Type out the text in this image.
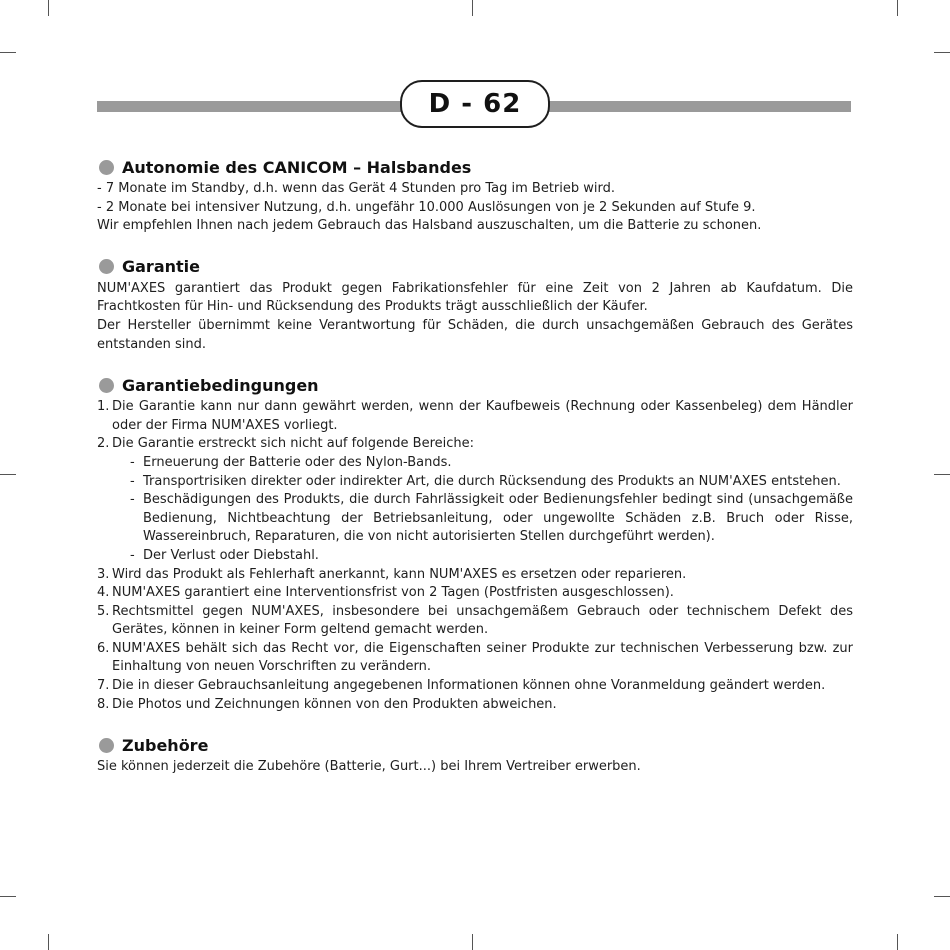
D - 62
Autonomie des CANICOM – Halsbandes

- 7 Monate im Standby, d.h. wenn das Gerät 4 Stunden pro Tag im Betrieb wird.

- 2 Monate bei intensiver Nutzung, d.h. ungefähr 10.000 Auslösungen von je 2 Sekunden auf Stufe 9.

Wir empfehlen Ihnen nach jedem Gebrauch das Halsband auszuschalten, um die Batterie zu schonen.

Garantie

NUM'AXES garantiert das Produkt gegen Fabrikationsfehler für eine Zeit von 2 Jahren ab Kaufdatum. Die Frachtkosten für Hin- und Rücksendung des Produkts trägt ausschließlich der Käufer.

Der Hersteller übernimmt keine Verantwortung für Schäden, die durch unsachgemäßen Gebrauch des Gerätes entstanden sind.

Garantiebedingungen
1. Die Garantie kann nur dann gewährt werden, wenn der Kaufbeweis (Rechnung oder Kassenbeleg) dem Händler oder der Firma NUM'AXES vorliegt.
2. Die Garantie erstreckt sich nicht auf folgende Bereiche:
- Erneuerung der Batterie oder des Nylon-Bands.
- Transportrisiken direkter oder indirekter Art, die durch Rücksendung des Produkts an NUM'AXES entstehen.
- Beschädigungen des Produkts, die durch Fahrlässigkeit oder Bedienungsfehler bedingt sind (unsachgemäße Bedienung, Nichtbeachtung der Betriebsanleitung, oder ungewollte Schäden z.B. Bruch oder Risse, Wassereinbruch, Reparaturen, die von nicht autorisierten Stellen durchgeführt werden).
- Der Verlust oder Diebstahl.
3. Wird das Produkt als Fehlerhaft anerkannt, kann NUM'AXES es ersetzen oder reparieren.
4. NUM'AXES garantiert eine Interventionsfrist von 2 Tagen (Postfristen ausgeschlossen).
5. Rechtsmittel gegen NUM'AXES, insbesondere bei unsachgemäßem Gebrauch oder technischem Defekt des Gerätes, können in keiner Form geltend gemacht werden.
6. NUM'AXES behält sich das Recht vor, die Eigenschaften seiner Produkte zur technischen Verbesserung bzw. zur Einhaltung von neuen Vorschriften zu verändern.
7. Die in dieser Gebrauchsanleitung angegebenen Informationen können ohne Voranmeldung geändert werden.
8. Die Photos und Zeichnungen können von den Produkten abweichen.
Zubehöre

Sie können jederzeit die Zubehöre (Batterie, Gurt...) bei Ihrem Vertreiber erwerben.
